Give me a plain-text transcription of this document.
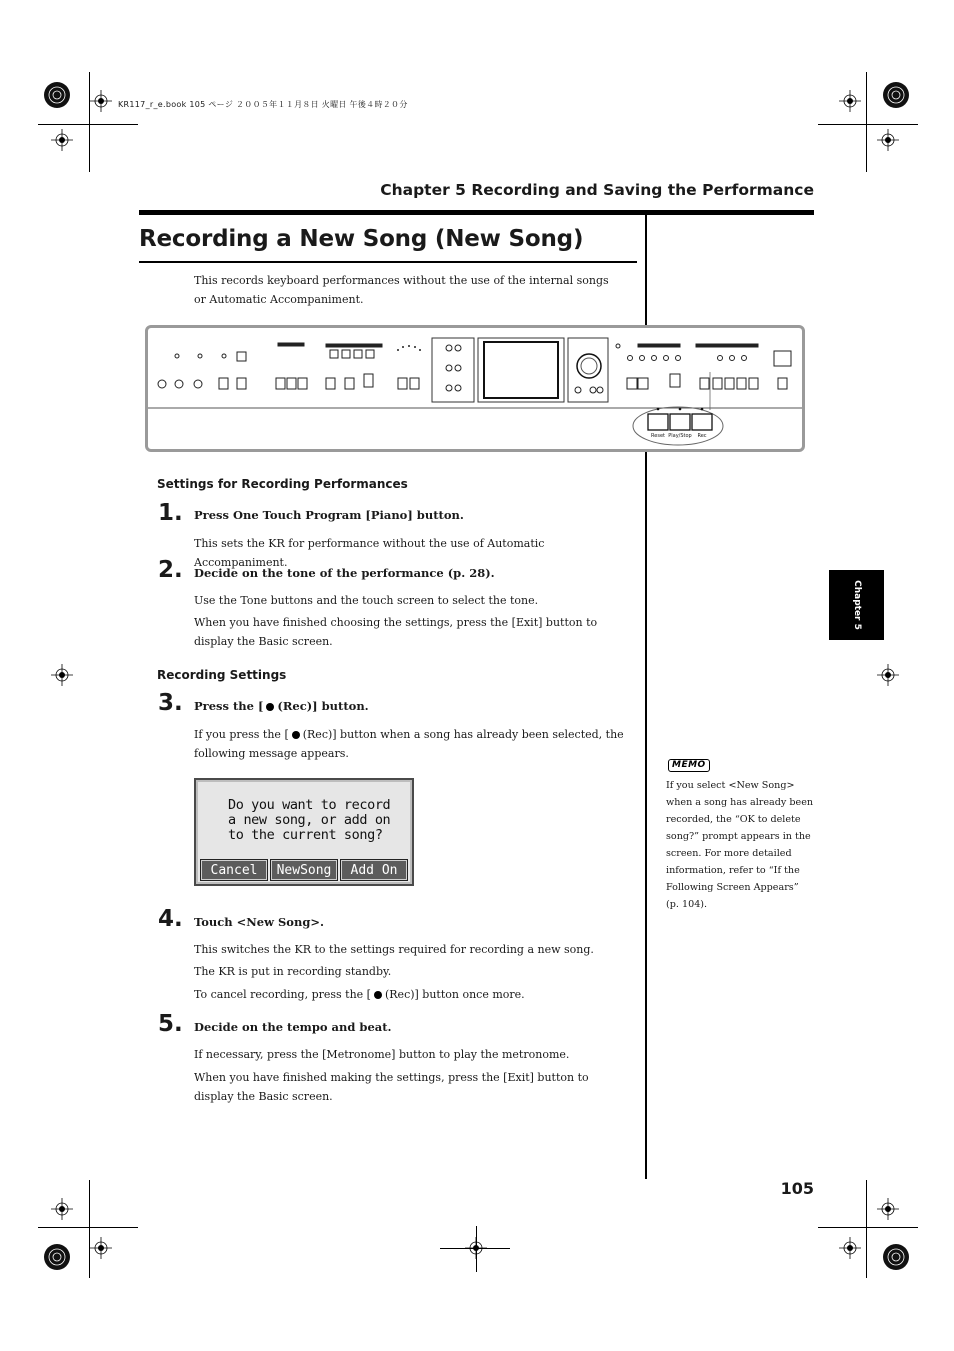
KR117_r_e.book 105 ページ ２００５年１１月８日 火曜日 午後４時２０分
Chapter 5 Recording and Saving the Performance
Recording a New Song (New Song)
This records keyboard performances without the use of the internal songs or Automatic Accompaniment.
Reset Play/Stop	Rec
Settings for Recording Performances
1. Press One Touch Program [Piano] button.
This sets the KR for performance without the use of Automatic Accompaniment.
2. Decide on the tone of the performance (p. 28).
Use the Tone buttons and the touch screen to select the tone.
When you have finished choosing the settings, press the [Exit] button to display the Basic screen.
Recording Settings
3. Press the [ (Rec)] button.
If you press the [ (Rec)] button when a song has already been selected, the following message appears.
Do you want to record
a new song, or add on
to the current song?
Cancel	NewSong	Add On
4. Touch <New Song>.
This switches the KR to the settings required for recording a new song.
The KR is put in recording standby.
To cancel recording, press the [ (Rec)] button once more.
5. Decide on the tempo and beat.
If necessary, press the [Metronome] button to play the metronome.
When you have finished making the settings, press the [Exit] button to display the Basic screen.
Chapter 5
MEMO
If you select <New Song> when a song has already been recorded, the “OK to delete song?” prompt appears in the screen. For more detailed information, refer to “If the Following Screen Appears” (p. 104).
105
